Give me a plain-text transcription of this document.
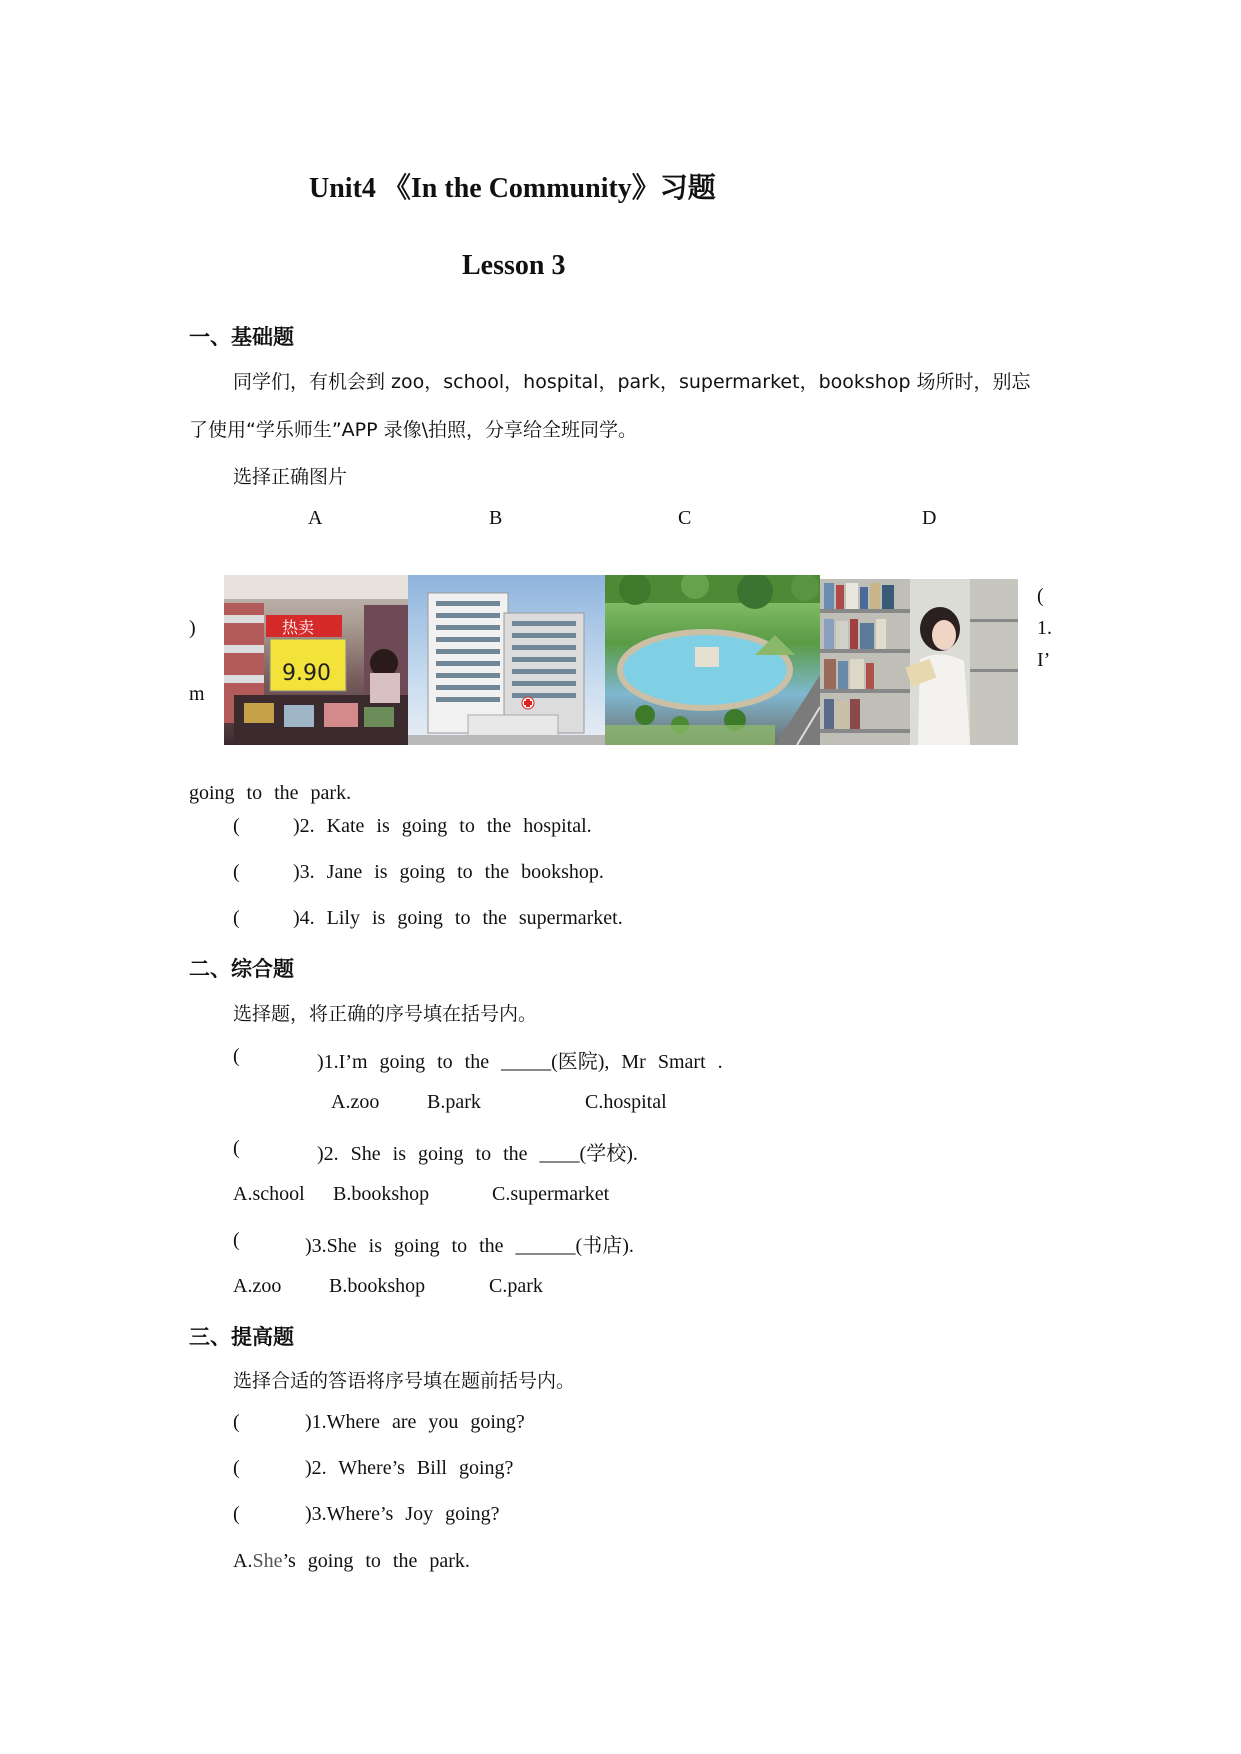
Unit4 《In the Community》习题
Lesson 3
一、基础题
同学们，有机会到 zoo，school，hospital，park，supermarket，bookshop 场所时，别忘
了使用“学乐师生”APP 录像\拍照，分享给全班同学。
选择正确图片
A	B	C	D
)
m
(
1.
I’
热卖
9.90
going to the park.
(	)2. Kate is going to the hospital.
(	)3. Jane is going to the bookshop.
(	)4. Lily is going to the supermarket.
二、综合题
选择题，将正确的序号填在括号内。
(	)1.I’m going to the _____(医院), Mr Smart .
A.zoo B.park	C.hospital
(	)2. She is going to the ____(学校).
A.school B.bookshop	C.supermarket
(	)3.She is going to the ______(书店).
A.zoo B.bookshop	C.park
三、提高题
选择合适的答语将序号填在题前括号内。
(	)1.Where are you going?
(	)2. Where’s Bill going?
(	)3.Where’s Joy going?
A.She’s going to the park.
